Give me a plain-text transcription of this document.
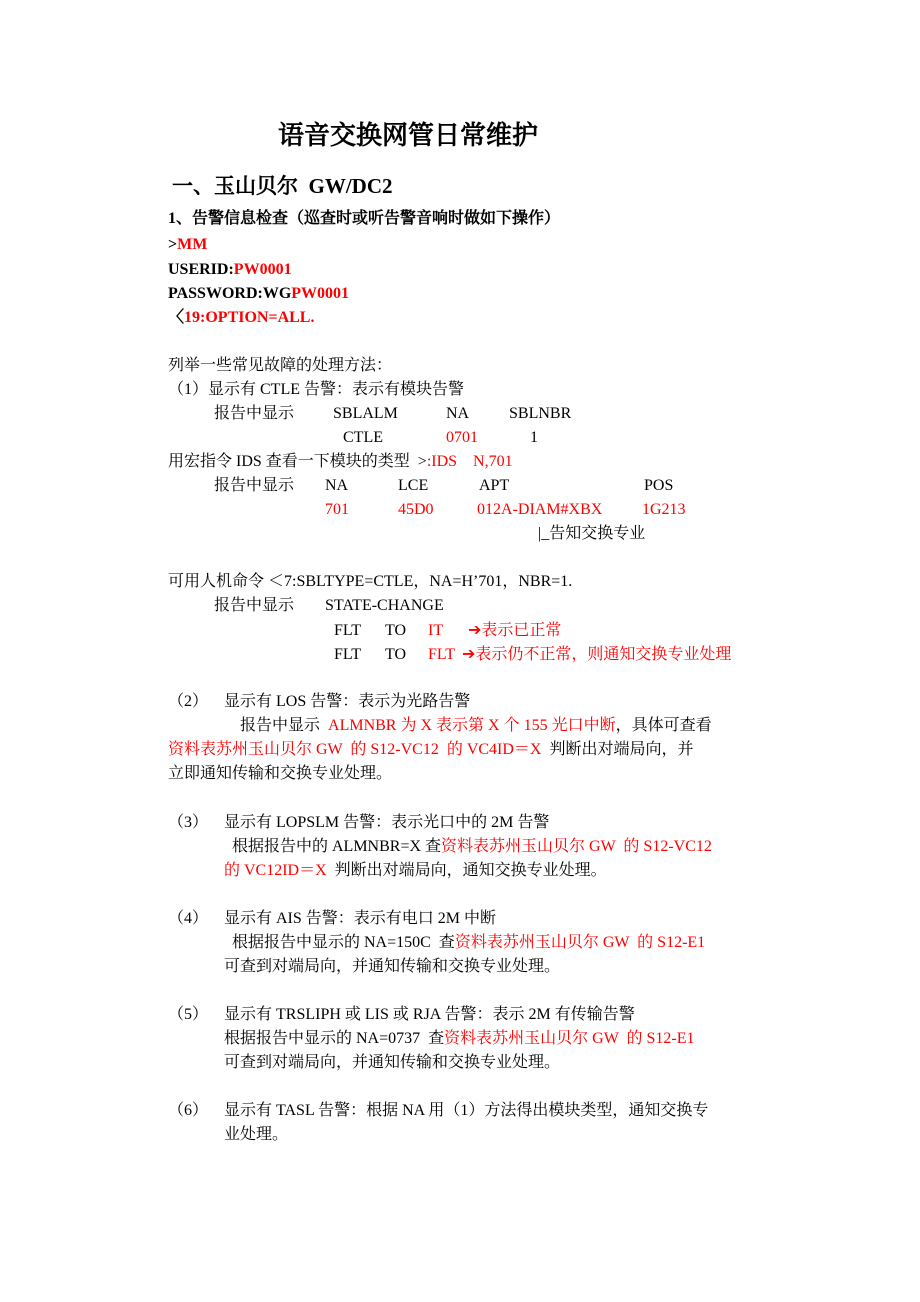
语音交换网管日常维护
一、玉山贝尔  GW/DC2
1、告警信息检查（巡查时或听告警音响时做如下操作）
>MM
USERID:PW0001
PASSWORD:WGPW0001
〈19:OPTION=ALL.
列举一些常见故障的处理方法：
（1）显示有 CTLE 告警：表示有模块告警
报告中显示 SBLALM	NA SBLNBR
CTLE	0701	1
用宏指令 IDS 查看一下模块的类型  >:IDS    N,701
报告中显示 NA	LCE	APT	POS
701	45D0	012A-DIAM#XBX 1G213
|_告知交换专业
可用人机命令 ＜7:SBLTYPE=CTLE，NA=H’701，NBR=1.
报告中显示 STATE-CHANGE
FLT TO IT ➔表示已正常
FLT TO FLT ➔表示仍不正常，则通知交换专业处理
（2） 显示有 LOS 告警：表示为光路告警
报告中显示  ALMNBR 为 X 表示第 X 个 155 光口中断，具体可查看
资料表苏州玉山贝尔 GW  的 S12-VC12  的 VC4ID＝X  判断出对端局向，并
立即通知传输和交换专业处理。
（3） 显示有 LOPSLM 告警：表示光口中的 2M 告警
根据报告中的 ALMNBR=X 查资料表苏州玉山贝尔 GW  的 S12-VC12
的 VC12ID＝X  判断出对端局向，通知交换专业处理。
（4） 显示有 AIS 告警：表示有电口 2M 中断
根据报告中显示的 NA=150C  查资料表苏州玉山贝尔 GW  的 S12-E1
可查到对端局向，并通知传输和交换专业处理。
（5） 显示有 TRSLIPH 或 LIS 或 RJA 告警：表示 2M 有传输告警
根据报告中显示的 NA=0737  查资料表苏州玉山贝尔 GW  的 S12-E1
可查到对端局向，并通知传输和交换专业处理。
（6） 显示有 TASL 告警：根据 NA 用（1）方法得出模块类型，通知交换专
业处理。
